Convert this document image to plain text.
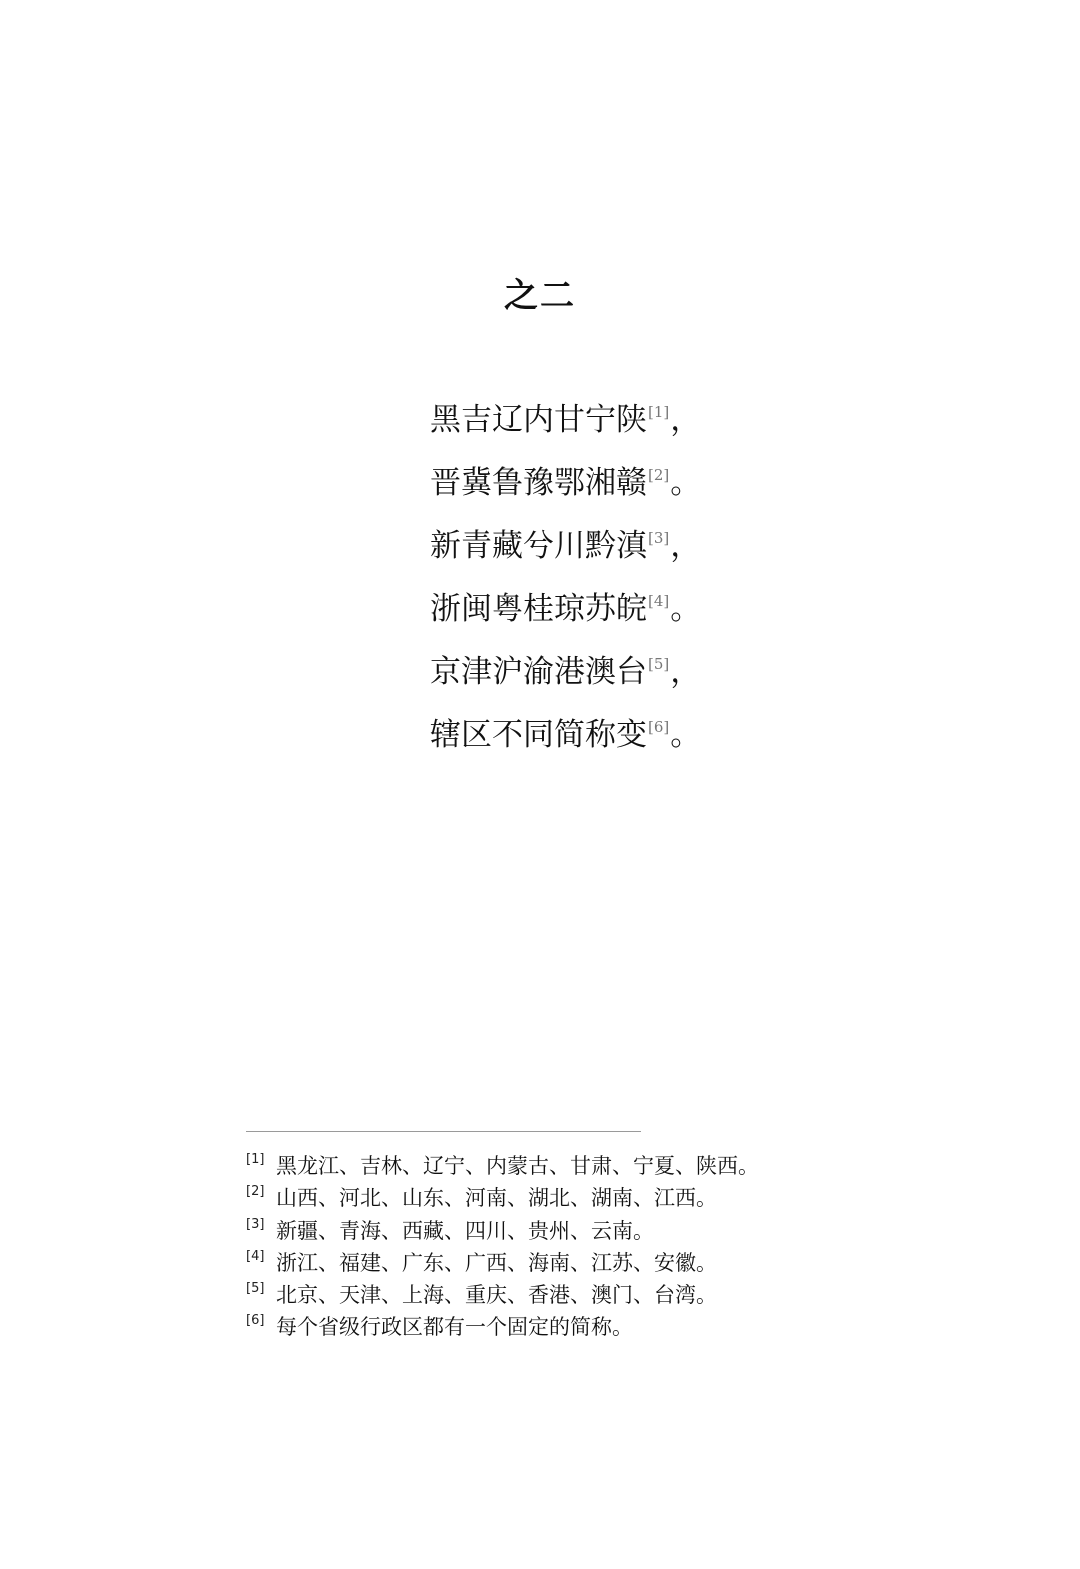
之二
黑吉辽内甘宁陕[1]，
晋冀鲁豫鄂湘赣[2]。
新青藏兮川黔滇[3]，
浙闽粤桂琼苏皖[4]。
京津沪渝港澳台[5]，
辖区不同简称变[6]。
[1] 黑龙江、吉林、辽宁、内蒙古、甘肃、宁夏、陕西。
[2] 山西、河北、山东、河南、湖北、湖南、江西。
[3] 新疆、青海、西藏、四川、贵州、云南。
[4] 浙江、福建、广东、广西、海南、江苏、安徽。
[5] 北京、天津、上海、重庆、香港、澳门、台湾。
[6] 每个省级行政区都有一个固定的简称。
